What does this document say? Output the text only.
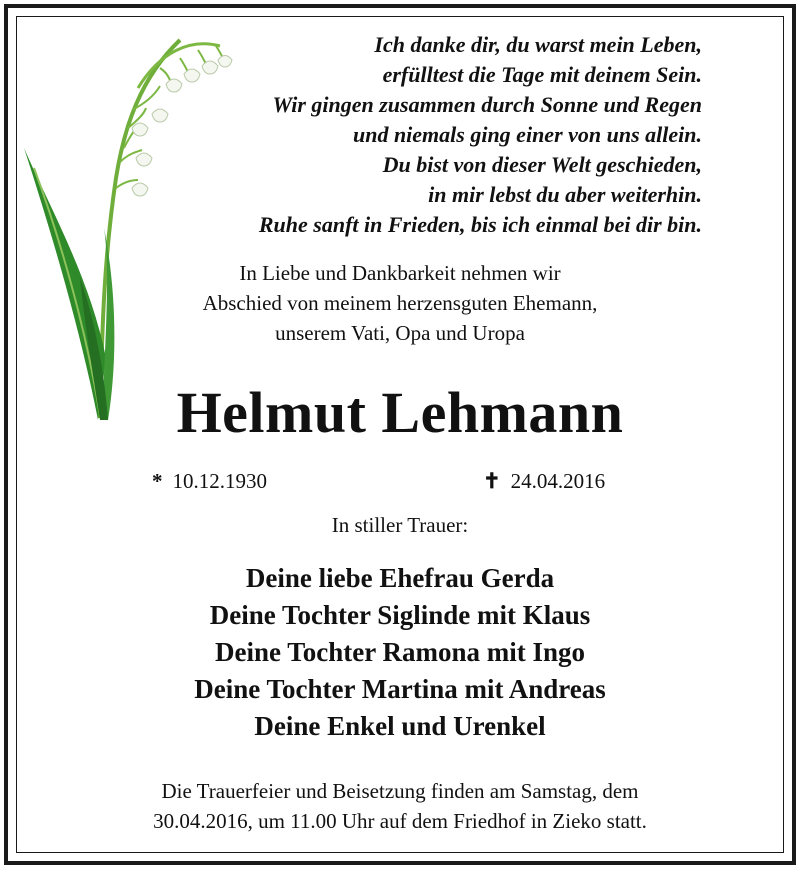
Ich danke dir, du warst mein Leben,
erfülltest die Tage mit deinem Sein.
Wir gingen zusammen durch Sonne und Regen
und niemals ging einer von uns allein.
Du bist von dieser Welt geschieden,
in mir lebst du aber weiterhin.
Ruhe sanft in Frieden, bis ich einmal bei dir bin.
In Liebe und Dankbarkeit nehmen wir
Abschied von meinem herzensguten Ehemann,
unserem Vati, Opa und Uropa
Helmut Lehmann
* 10.12.1930	✝ 24.04.2016
In stiller Trauer:
Deine liebe Ehefrau Gerda
Deine Tochter Siglinde mit Klaus
Deine Tochter Ramona mit Ingo
Deine Tochter Martina mit Andreas
Deine Enkel und Urenkel
Die Trauerfeier und Beisetzung finden am Samstag, dem
30.04.2016, um 11.00 Uhr auf dem Friedhof in Zieko statt.
